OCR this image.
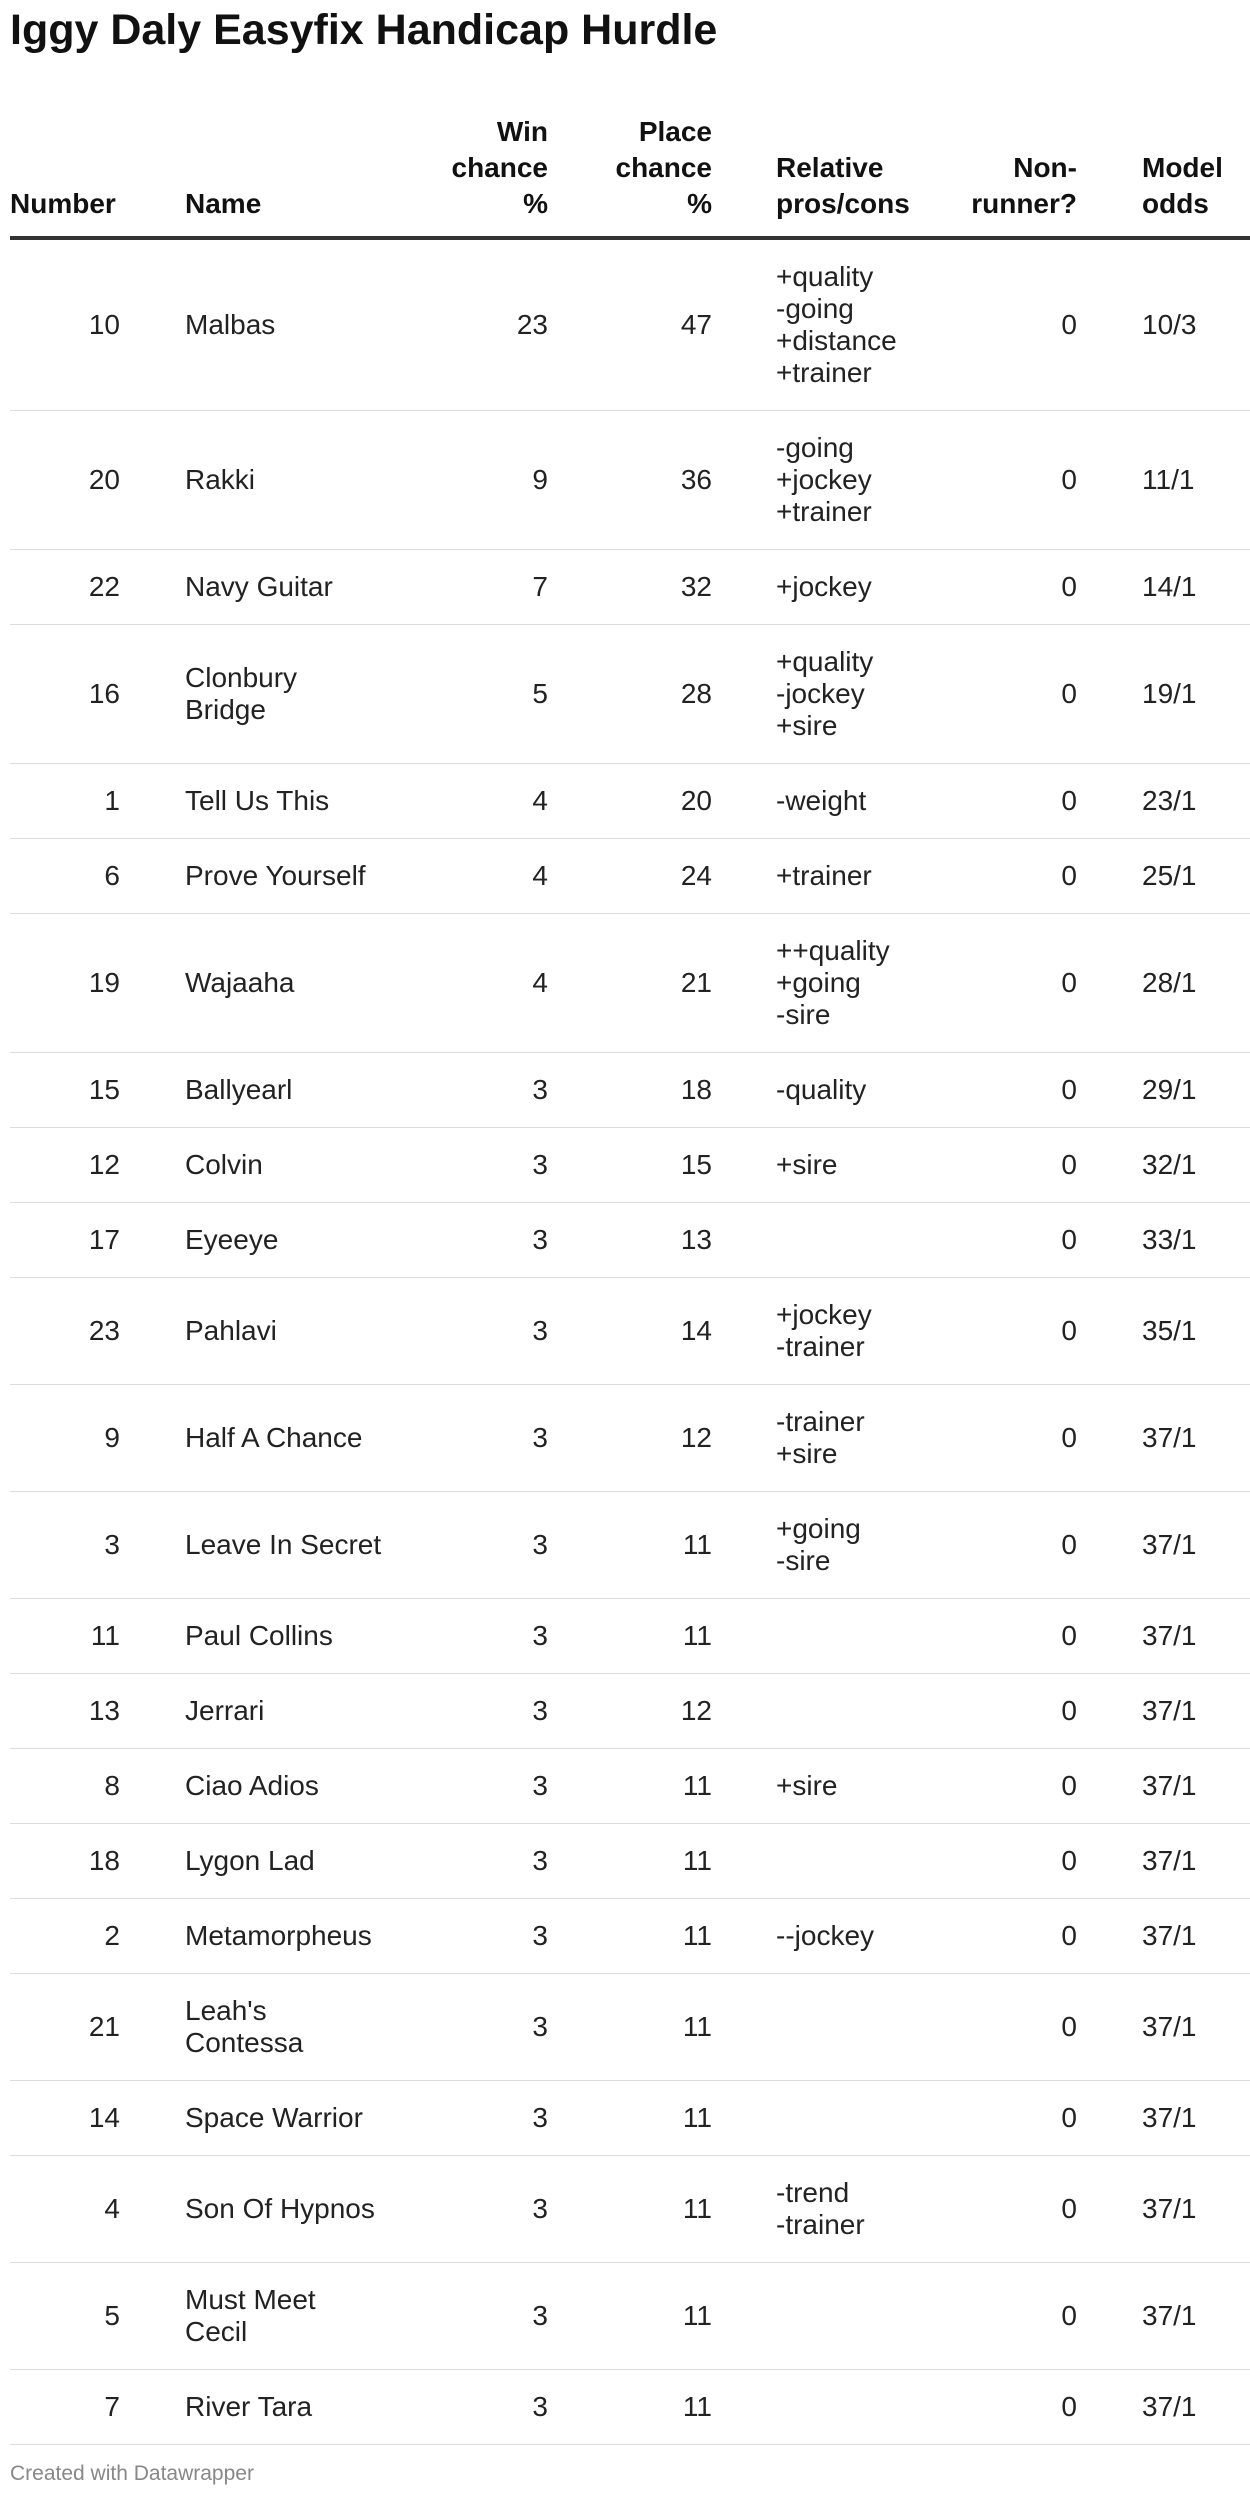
Iggy Daly Easyfix Handicap Hurdle
Number		Name	Win
chance
%	Place
chance
%		Relative
pros/cons	Non-
runner?		Model
odds

10		Malbas	23	47		+quality
-going
+distance
+trainer	0		10/3
20		Rakki	9	36		-going
+jockey
+trainer	0		11/1
22		Navy Guitar	7	32		+jockey	0		14/1
16		Clonbury
Bridge	5	28		+quality
-jockey
+sire	0		19/1
1		Tell Us This	4	20		-weight	0		23/1
6		Prove Yourself	4	24		+trainer	0		25/1
19		Wajaaha	4	21		++quality
+going
-sire	0		28/1
15		Ballyearl	3	18		-quality	0		29/1
12		Colvin	3	15		+sire	0		32/1
17		Eyeeye	3	13			0		33/1
23		Pahlavi	3	14		+jockey
-trainer	0		35/1
9		Half A Chance	3	12		-trainer
+sire	0		37/1
3		Leave In Secret	3	11		+going
-sire	0		37/1
11		Paul Collins	3	11			0		37/1
13		Jerrari	3	12			0		37/1
8		Ciao Adios	3	11		+sire	0		37/1
18		Lygon Lad	3	11			0		37/1
2		Metamorpheus	3	11		--jockey	0		37/1
21		Leah's
Contessa	3	11			0		37/1
14		Space Warrior	3	11			0		37/1
4		Son Of Hypnos	3	11		-trend
-trainer	0		37/1
5		Must Meet
Cecil	3	11			0		37/1
7		River Tara	3	11			0		37/1
Created with Datawrapper
